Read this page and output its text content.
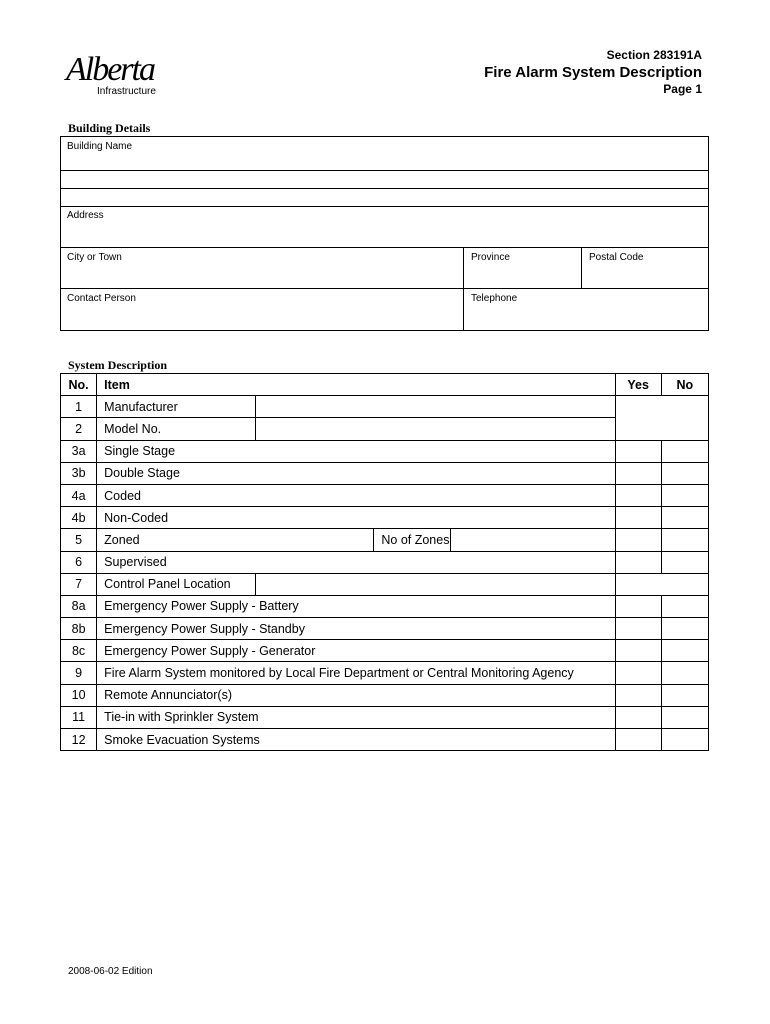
Alberta
Infrastructure
Section 283191A
Fire Alarm System Description
Page 1
Building Details
Building Name
Address
City or Town	Province	Postal Code
Contact Person	Telephone
System Description
No.	Item				Yes	No
1	Manufacturer					
2	Model No.					
3a	Single Stage					
3b	Double Stage					
4a	Coded					
4b	Non-Coded					
5	Zoned		No of Zones			
6	Supervised					
7	Control Panel Location					
8a	Emergency Power Supply - Battery					
8b	Emergency Power Supply - Standby					
8c	Emergency Power Supply - Generator					
9	Fire Alarm System monitored by Local Fire Department or Central Monitoring Agency					
10	Remote Annunciator(s)					
11	Tie-in with Sprinkler System					
12	Smoke Evacuation Systems					
2008-06-02 Edition
